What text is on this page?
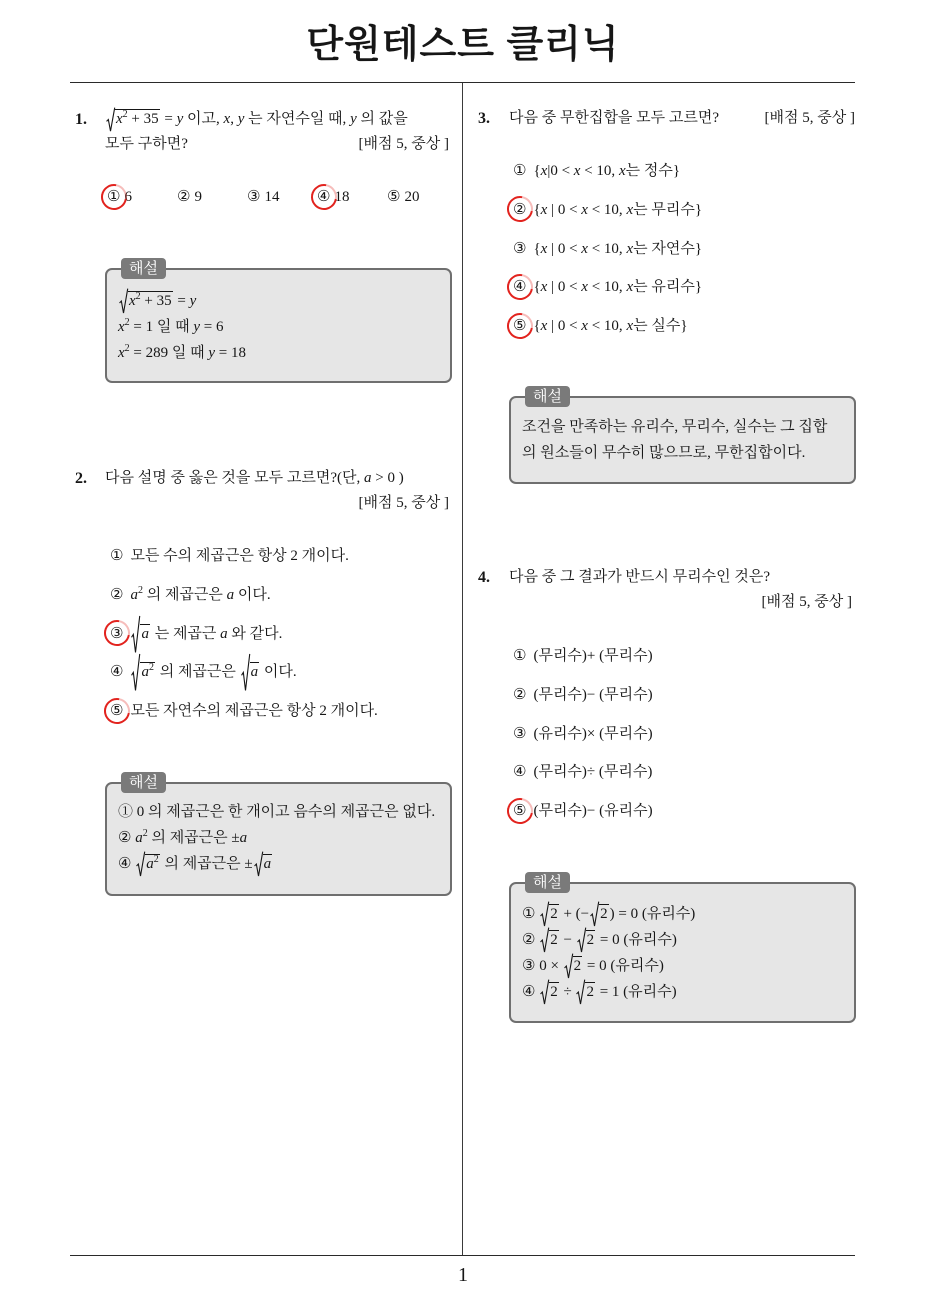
단원테스트 클리닉
1.	$x^2 + 35 = y$ 이고, x, y 는 자연수일 때, y 의 값을
[배점 5, 중상 ]
모두 구하면?
① 6	② 9	③ 14	④ 18	⑤ 20
해설
$x^2 + 35 = y$
$x^2 = 1$ 일 때 y = 6
$x^2 = 289$ 일 때 y = 18
2.	다음 설명 중 옳은 것을 모두 고르면?(단, a > 0 )
[배점 5, 중상 ]
① 모든 수의 제곱근은 항상 2 개이다.
② $a^2$ 의 제곱근은 a 이다.
③ a 는 제곱근 a 와 같다.
④ $a^2$ 의 제곱근은
a 이다.
⑤ 모든 자연수의 제곱근은 항상 2 개이다.
해설
① 0 의 제곱근은 한 개이고 음수의 제곱근은 없다.
② $a^2$ 의 제곱근은 ±a
④
$a^2$ 의 제곱근은 ± a
3.	[배점 5, 중상 ]
다음 중 무한집합을 모두 고르면?
① {x|0 < x < 10, x는 정수}
② {x | 0 < x < 10, x는 무리수}
③ {x | 0 < x < 10, x는 자연수}
④ {x | 0 < x < 10, x는 유리수}
⑤ {x | 0 < x < 10, x는 실수}
해설
조건을 만족하는 유리수, 무리수, 실수는 그 집합
의 원소들이 무수히 많으므로, 무한집합이다.
4.	다음 중 그 결과가 반드시 무리수인 것은?
[배점 5, 중상 ]
① (무리수)+ (무리수)
② (무리수)− (무리수)
③ (유리수)× (무리수)
④ (무리수)÷ (무리수)
⑤ (무리수)− (유리수)
해설
①
2 + (− 2 ) = 0 (유리수)
②
2 −
2 = 0 (유리수)
③ 0 ×
2 = 0 (유리수)
④
2 ÷
2 = 1 (유리수)
1
